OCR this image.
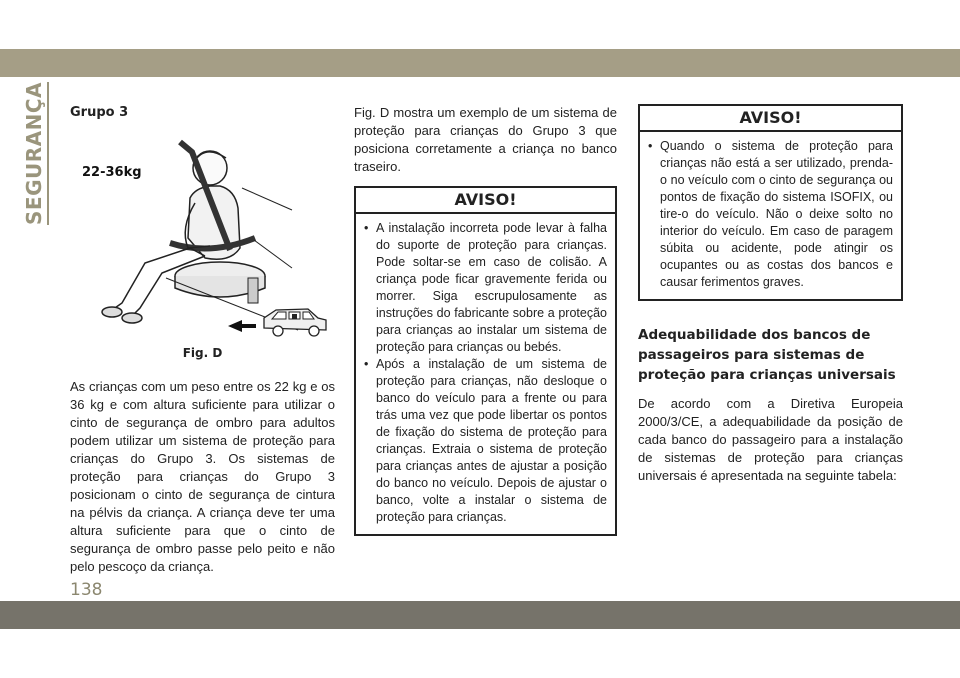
SEGURANÇA Grupo 3

22-36kg
Fig. D

As crianças com um peso entre os 22 kg e os 36 kg e com altura suficiente para utilizar o cinto de segurança de ombro para adultos podem utilizar um sistema de proteção para crianças do Grupo 3. Os sistemas de proteção para crianças do Grupo 3 posicionam o cinto de segurança de cintura na pélvis da criança. A criança deve ter uma altura suficiente para que o cinto de segurança de ombro passe pelo peito e não pelo pescoço da criança.

Fig. D mostra um exemplo de um sistema de proteção para crianças do Grupo 3 que posiciona corretamente a criança no banco traseiro.

AVISO!

• A instalação incorreta pode levar à falha do suporte de proteção para crianças. Pode soltar-se em caso de colisão. A criança pode ficar gravemente ferida ou morrer. Siga escrupulosamente as instruções do fabricante sobre a proteção para crianças ao instalar um sistema de proteção para crianças ou bebés.
• Após a instalação de um sistema de proteção para crianças, não desloque o banco do veículo para a frente ou para trás uma vez que pode libertar os pontos de fixação do sistema de proteção para crianças. Extraia o sistema de proteção para crianças antes de ajustar a posição do banco no veículo. Depois de ajustar o banco, volte a instalar o sistema de proteção para crianças.

AVISO!

• Quando o sistema de proteção para crianças não está a ser utilizado, prenda-o no veículo com o cinto de segurança ou pontos de fixação do sistema ISOFIX, ou tire-o do veículo. Não o deixe solto no interior do veículo. Em caso de paragem súbita ou acidente, pode atingir os ocupantes ou as costas dos bancos e causar ferimentos graves.

Adequabilidade dos bancos de passageiros para sistemas de proteção para crianças universais

De acordo com a Diretiva Europeia 2000/3/CE, a adequabilidade da posição de cada banco do passageiro para a instalação de sistemas de proteção para crianças universais é apresentada na seguinte tabela:

138
